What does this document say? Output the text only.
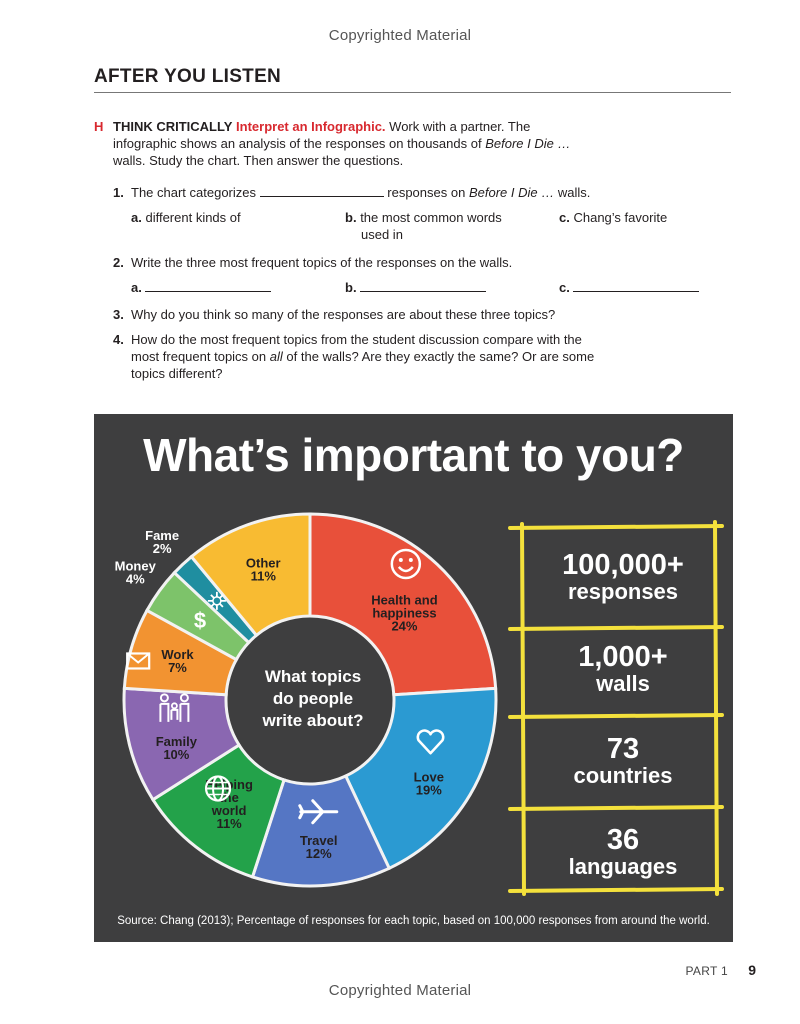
Copyrighted Material
AFTER YOU LISTEN
H THINK CRITICALLY Interpret an Infographic. Work with a partner. The
infographic shows an analysis of the responses on thousands of Before I Die …
walls. Study the chart. Then answer the questions.
1. The chart categorizes	responses on Before I Die … walls.
a. different kinds of	b. the most common words
used in
c. Chang’s favorite
2. Write the three most frequent topics of the responses on the walls.
a.	b.	c.
3. Why do you think so many of the responses are about these three topics?
4. How do the most frequent topics from the student discussion compare with the
most frequent topics on all of the walls? Are they exactly the same? Or are some
topics different?
What’s important to you?
Health and happiness 24%
Love 19%
Travel 12%
Helping the world 11%
Family 10%
Work 7%
Money 4%
Fame 2%
Other 11%
$
What topics
do people
write about?
100,000+
responses
1,000+
walls
73
countries
36
languages
Source: Chang (2013); Percentage of responses for each topic, based on 100,000 responses from around the world.
PART 1 9
Copyrighted Material
